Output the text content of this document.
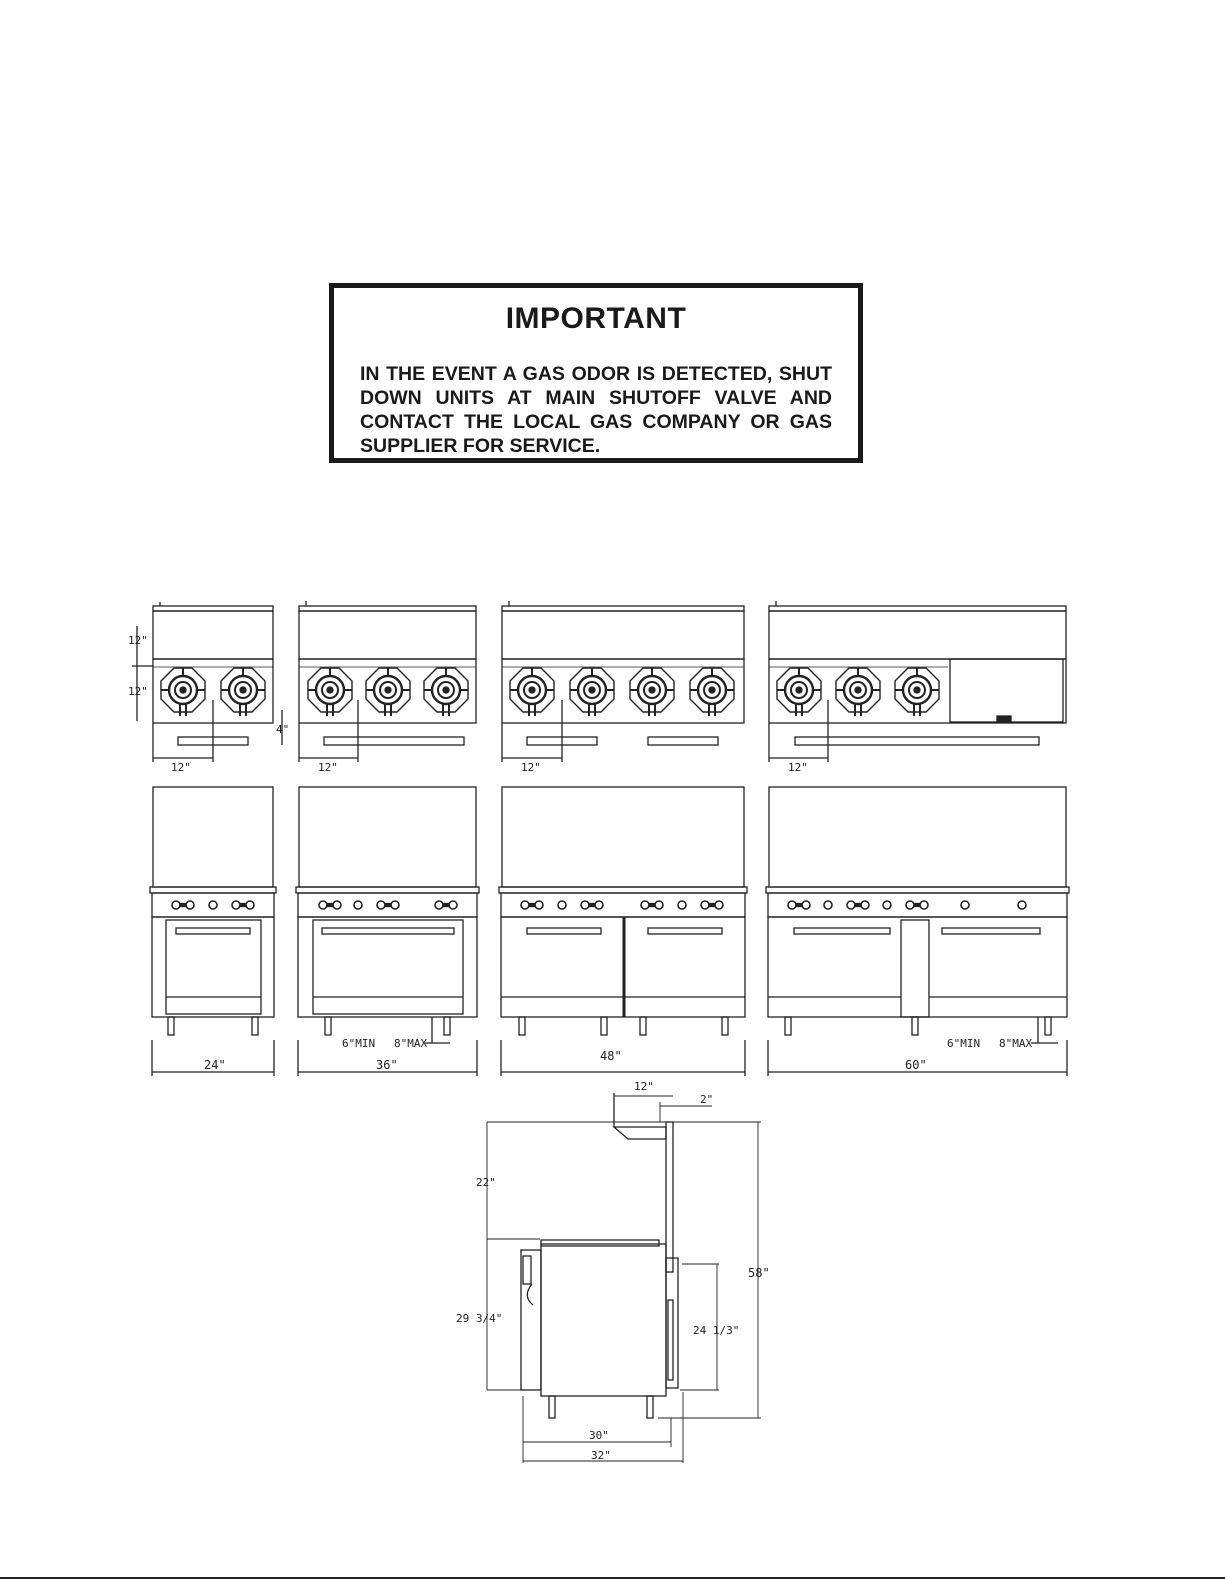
IMPORTANT
IN THE EVENT A GAS ODOR IS DETECTED, SHUT DOWN UNITS AT MAIN SHUTOFF VALVE AND CONTACT THE LOCAL GAS COMPANY OR GAS SUPPLIER FOR SERVICE.
12"
12"
4"
12"	12"	12"	12"
24"
6"MIN 8"MAX
36"
48"
6"MIN 8"MAX
60"
12"
2"
22"
29 3/4"
58"
24 1/3"
30"
32"
